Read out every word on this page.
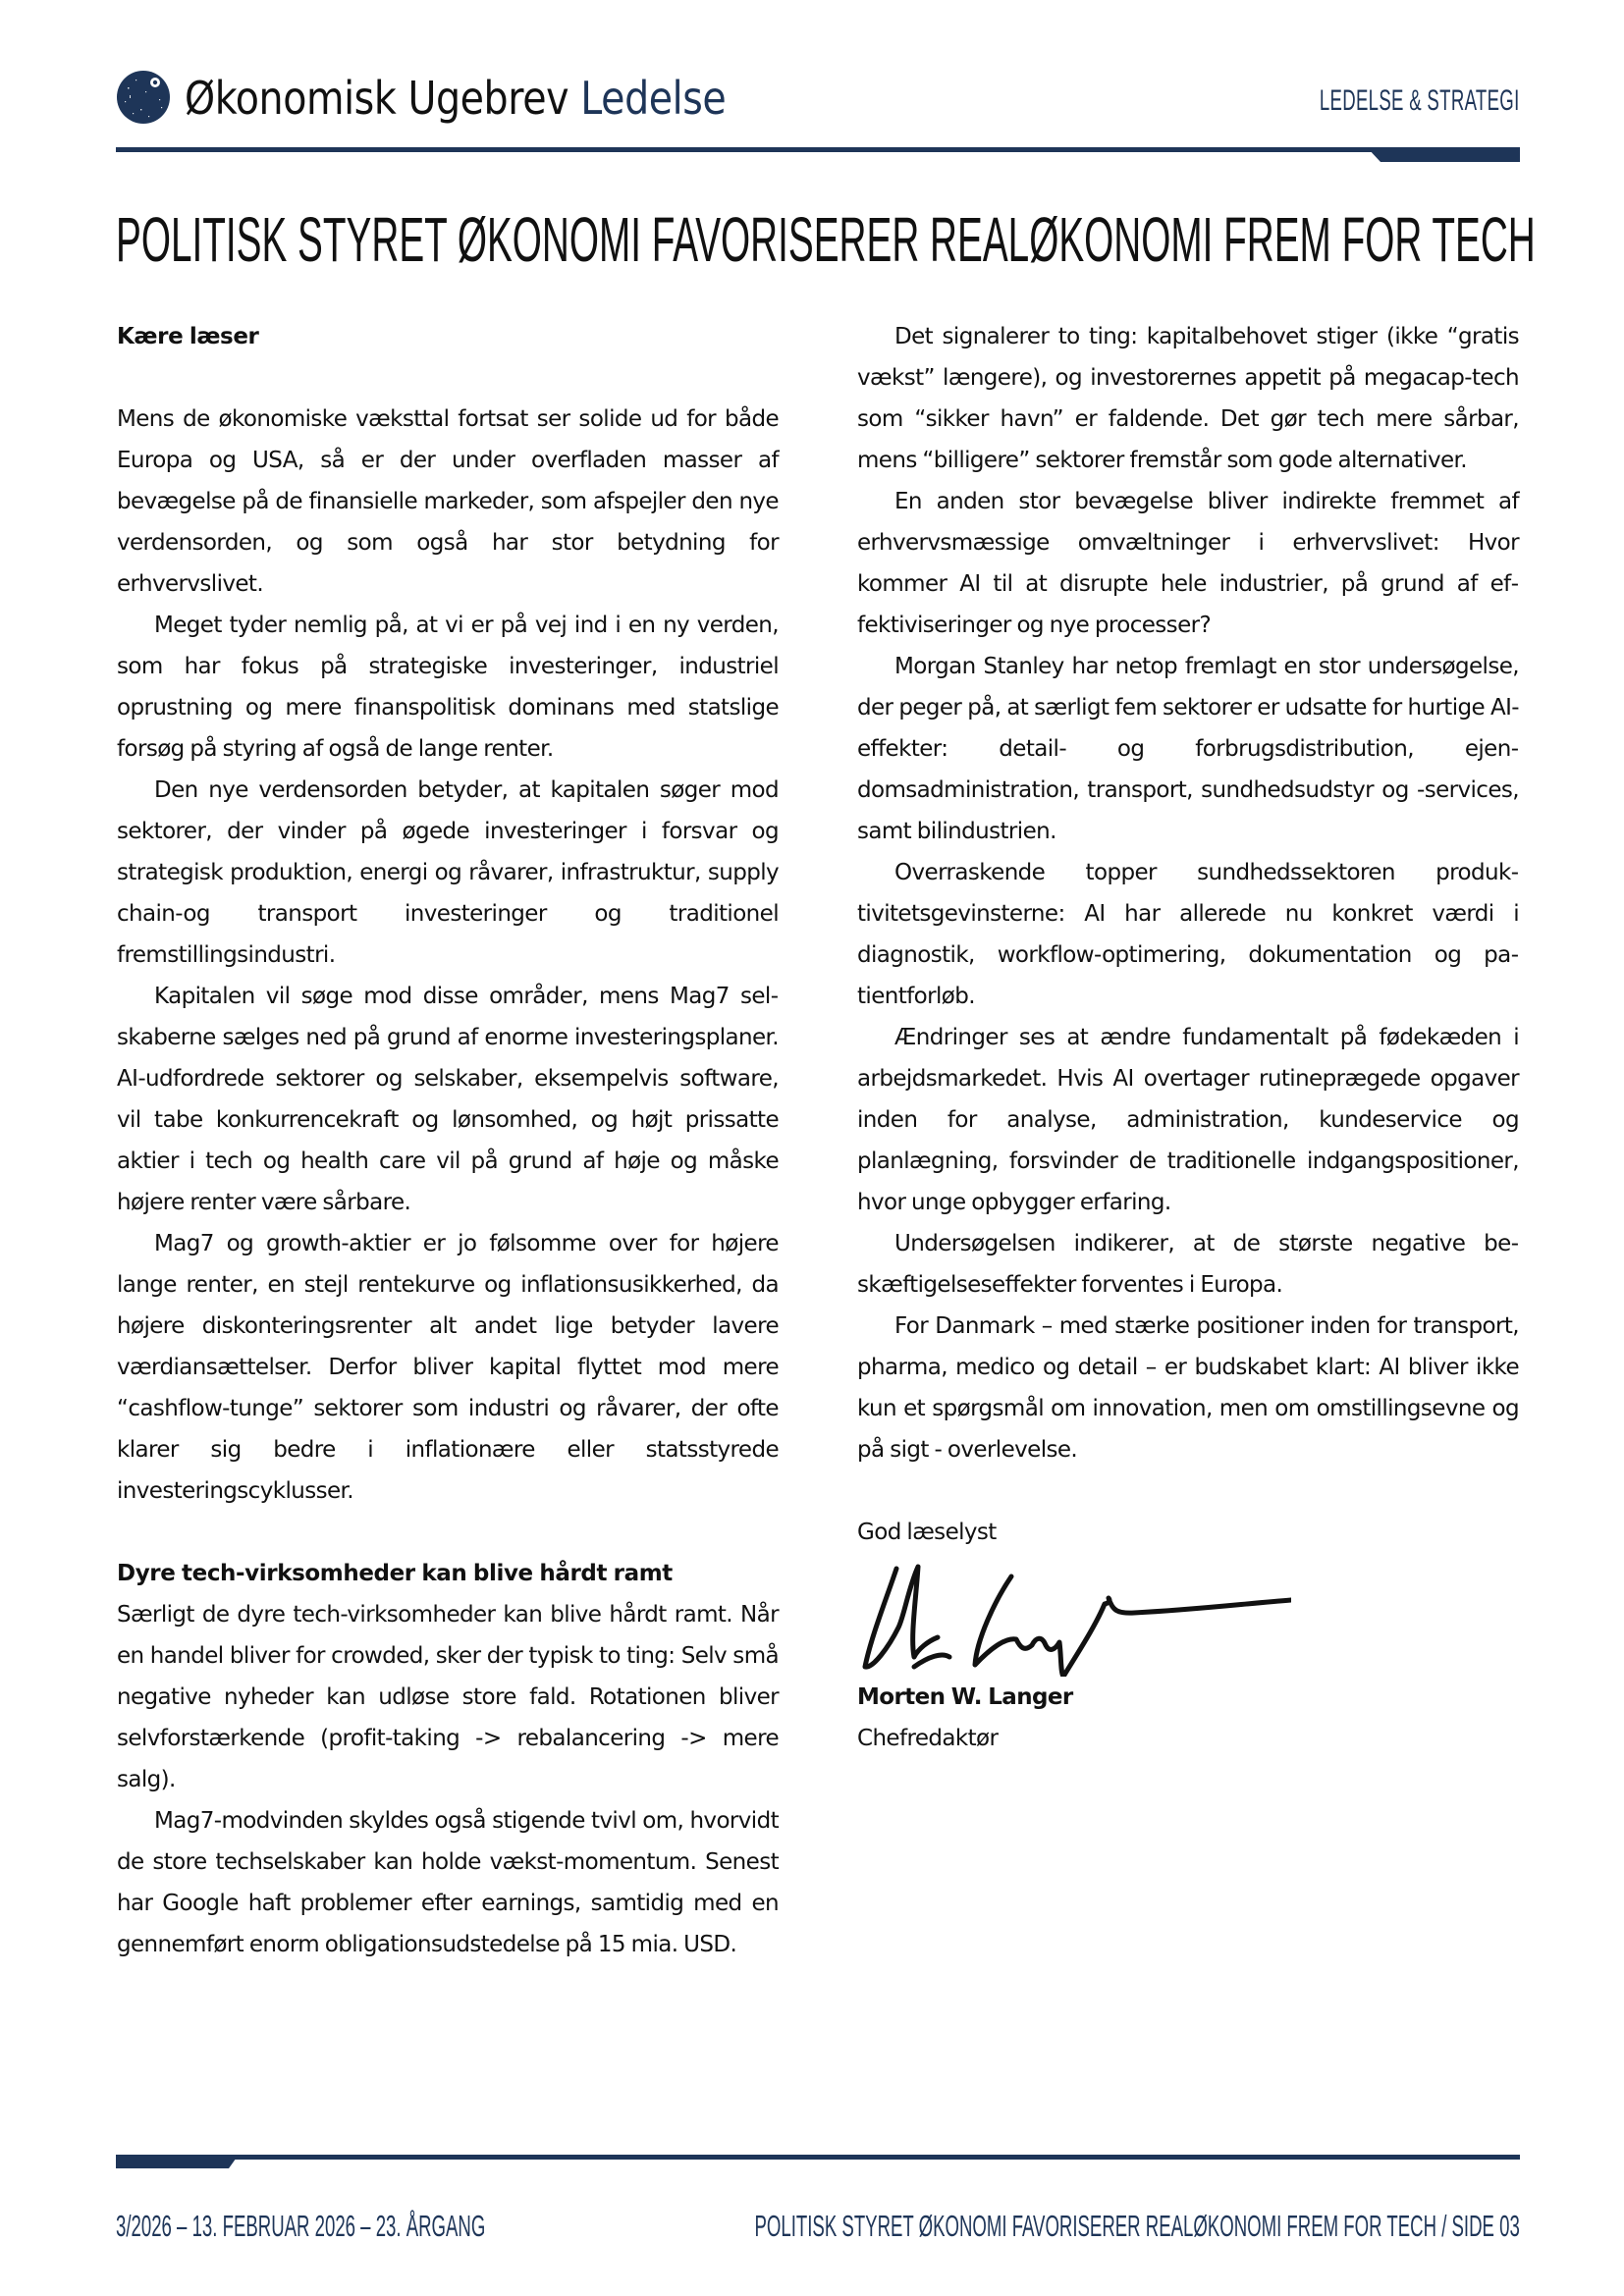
Økonomisk Ugebrev Ledelse	LEDELSE & STRATEGI
POLITISK STYRET ØKONOMI FAVORISERER REALØKONOMI FREM FOR TECH

Kære læser

Mens de økonomiske væksttal fortsat ser solide ud for både Europa og USA, så er der under overfladen masser af bevægelse på de finansielle markeder, som afspejler den nye verdensorden, og som også har stor betydning for erhvervslivet.

Meget tyder nemlig på, at vi er på vej ind i en ny verden, som har fokus på strategiske investeringer, industriel oprustning og mere finanspolitisk dominans med statslige forsøg på styring af også de lange renter.

Den nye verdensorden betyder, at kapitalen søger mod sektorer, der vinder på øgede investeringer i forsvar og strategisk produktion, energi og råvarer, infrastruktur, supply chain-og transport investeringer og traditionel fremstillingsindustri.

Kapitalen vil søge mod disse områder, mens Mag7 selskaberne sælges ned på grund af enorme investeringsplaner. AI-udfordrede sektorer og selskaber, eksempelvis software, vil tabe konkurrencekraft og lønsomhed, og højt prissatte aktier i tech og health care vil på grund af høje og måske højere renter være sårbare.

Mag7 og growth-aktier er jo følsomme over for højere lange renter, en stejl rentekurve og inflationsusikkerhed, da højere diskonteringsrenter alt andet lige betyder lavere værdiansættelser. Derfor bliver kapital flyttet mod mere “cashflow-tunge” sektorer som industri og råvarer, der ofte klarer sig bedre i inflationære eller statsstyrede investeringscyklusser.

Dyre tech-virksomheder kan blive hårdt ramt

Særligt de dyre tech-virksomheder kan blive hårdt ramt. Når en handel bliver for crowded, sker der typisk to ting: Selv små negative nyheder kan udløse store fald. Rotationen bliver selvforstærkende (profit-taking -> rebalancering -> mere salg).

Mag7-modvinden skyldes også stigende tvivl om, hvorvidt de store techselskaber kan holde vækst-momentum. Senest har Google haft problemer efter earnings, samtidig med en gennemført enorm obligationsudstedelse på 15 mia. USD.

Det signalerer to ting: kapitalbehovet stiger (ikke “gratis vækst” længere), og investorernes appetit på megacap-tech som “sikker havn” er faldende. Det gør tech mere sårbar, mens “billigere” sektorer fremstår som gode alternativer.

En anden stor bevægelse bliver indirekte fremmet af erhvervsmæssige omvæltninger i erhvervslivet: Hvor kommer AI til at disrupte hele industrier, på grund af effektiviseringer og nye processer?

Morgan Stanley har netop fremlagt en stor undersøgelse, der peger på, at særligt fem sektorer er udsatte for hurtige AI-effekter: detail- og forbrugsdistribution, ejendomsadministration, transport, sundhedsudstyr og -services, samt bilindustrien.

Overraskende topper sundhedssektoren produktivitetsgevinsterne: AI har allerede nu konkret værdi i diagnostik, workflow-optimering, dokumentation og patientforløb.

Ændringer ses at ændre fundamentalt på fødekæden i arbejdsmarkedet. Hvis AI overtager rutineprægede opgaver inden for analyse, administration, kundeservice og planlægning, forsvinder de traditionelle indgangspositioner, hvor unge opbygger erfaring.

Undersøgelsen indikerer, at de største negative beskæftigelseseffekter forventes i Europa.

For Danmark – med stærke positioner inden for transport, pharma, medico og detail – er budskabet klart: AI bliver ikke kun et spørgsmål om innovation, men om omstillingsevne og på sigt - overlevelse.

God læselyst

Morten W. Langer

Chefredaktør

3/2026 – 13. FEBRUAR 2026 – 23. ÅRGANG	POLITISK STYRET ØKONOMI FAVORISERER REALØKONOMI FREM FOR TECH / SIDE 03
